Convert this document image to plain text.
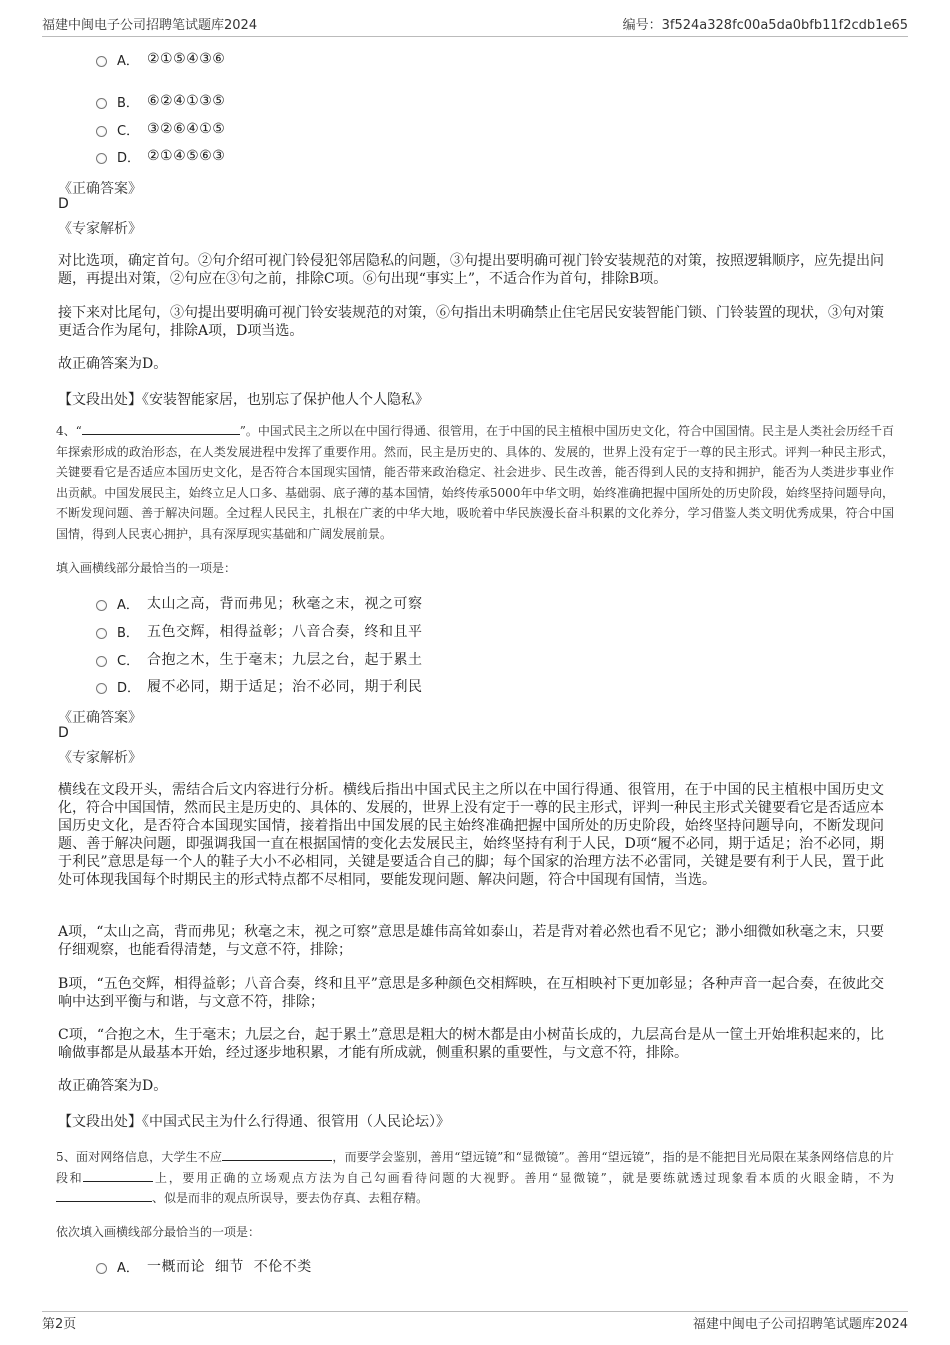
福建中闽电子公司招聘笔试题库2024	编号：3f524a328fc00a5da0bfb11f2cdb1e65
A． ②①⑤④③⑥
B． ⑥②④①③⑤
C． ③②⑥④①⑤
D． ②①④⑤⑥③
《正确答案》
D
《专家解析》
对比选项，确定首句。②句介绍可视门铃侵犯邻居隐私的问题，③句提出要明确可视门铃安装规范的对策，按照逻辑顺序，应先提出问题，再提出对策，②句应在③句之前，排除C项。⑥句出现“事实上”，不适合作为首句，排除B项。
接下来对比尾句，③句提出要明确可视门铃安装规范的对策，⑥句指出未明确禁止住宅居民安装智能门锁、门铃装置的现状，③句对策更适合作为尾句，排除A项，D项当选。
故正确答案为D。
【文段出处】《安装智能家居，也别忘了保护他人个人隐私》
4、“	”。中国式民主之所以在中国行得通、很管用，在于中国的民主植根中国历史文化，符合中国国情。民主是人类社会历经千百年探索形成的政治形态，在人类发展进程中发挥了重要作用。然而，民主是历史的、具体的、发展的，世界上没有定于一尊的民主形式。评判一种民主形式，关键要看它是否适应本国历史文化，是否符合本国现实国情，能否带来政治稳定、社会进步、民生改善，能否得到人民的支持和拥护，能否为人类进步事业作出贡献。中国发展民主，始终立足人口多、基础弱、底子薄的基本国情，始终传承5000年中华文明，始终准确把握中国所处的历史阶段，始终坚持问题导向，不断发现问题、善于解决问题。全过程人民民主，扎根在广袤的中华大地，吸吮着中华民族漫长奋斗积累的文化养分，学习借鉴人类文明优秀成果，符合中国国情，得到人民衷心拥护，具有深厚现实基础和广阔发展前景。
填入画横线部分最恰当的一项是：
A． 太山之高，背而弗见；秋毫之末，视之可察
B． 五色交辉，相得益彰；八音合奏，终和且平
C． 合抱之木，生于毫末；九层之台，起于累土
D． 履不必同，期于适足；治不必同，期于利民
《正确答案》
D
《专家解析》
横线在文段开头，需结合后文内容进行分析。横线后指出中国式民主之所以在中国行得通、很管用，在于中国的民主植根中国历史文化，符合中国国情，然而民主是历史的、具体的、发展的，世界上没有定于一尊的民主形式，评判一种民主形式关键要看它是否适应本国历史文化，是否符合本国现实国情，接着指出中国发展的民主始终准确把握中国所处的历史阶段，始终坚持问题导向，不断发现问题、善于解决问题，即强调我国一直在根据国情的变化去发展民主，始终坚持有利于人民，D项“履不必同，期于适足；治不必同，期于利民”意思是每一个人的鞋子大小不必相同，关键是要适合自己的脚；每个国家的治理方法不必雷同，关键是要有利于人民，置于此处可体现我国每个时期民主的形式特点都不尽相同，要能发现问题、解决问题，符合中国现有国情，当选。
A项，“太山之高，背而弗见；秋毫之末，视之可察”意思是雄伟高耸如泰山，若是背对着必然也看不见它；渺小细微如秋毫之末，只要仔细观察，也能看得清楚，与文意不符，排除；
B项，“五色交辉，相得益彰；八音合奏，终和且平”意思是多种颜色交相辉映，在互相映衬下更加彰显；各种声音一起合奏，在彼此交响中达到平衡与和谐，与文意不符，排除；
C项，“合抱之木，生于毫末；九层之台，起于累土”意思是粗大的树木都是由小树苗长成的，九层高台是从一筐土开始堆积起来的，比喻做事都是从最基本开始，经过逐步地积累，才能有所成就，侧重积累的重要性，与文意不符，排除。
故正确答案为D。
【文段出处】《中国式民主为什么行得通、很管用（人民论坛）》
5、面对网络信息，大学生不应	，而要学会鉴别，善用“望远镜”和“显微镜”。善用“望远镜”，指的是不能把目光局限在某条网络信息的片段和	上，要用正确的立场观点方法为自己勾画看待问题的大视野。善用“显微镜”，就是要练就透过现象看本质的火眼金睛，不为、似是而非的观点所误导，要去伪存真、去粗存精。
依次填入画横线部分最恰当的一项是：
A． 一概而论  细节  不伦不类
第2页	福建中闽电子公司招聘笔试题库2024
